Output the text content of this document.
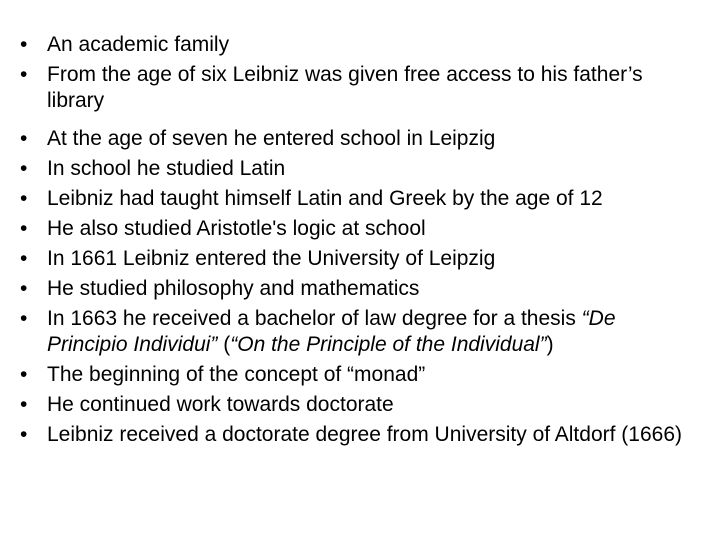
• An academic family
• From the age of six Leibniz was given free access to his father’s library
• At the age of seven he entered school in Leipzig
• In school he studied Latin
• Leibniz had taught himself Latin and Greek by the age of 12
• He also studied Aristotle's logic at school
• In 1661 Leibniz entered the University of Leipzig
• He studied philosophy and mathematics
• In 1663 he received a bachelor of law degree for a thesis “De Principio Individui” (“On the Principle of the Individual”)
• The beginning of the concept of “monad”
• He continued work towards doctorate
• Leibniz received a doctorate degree from University of Altdorf (1666)
